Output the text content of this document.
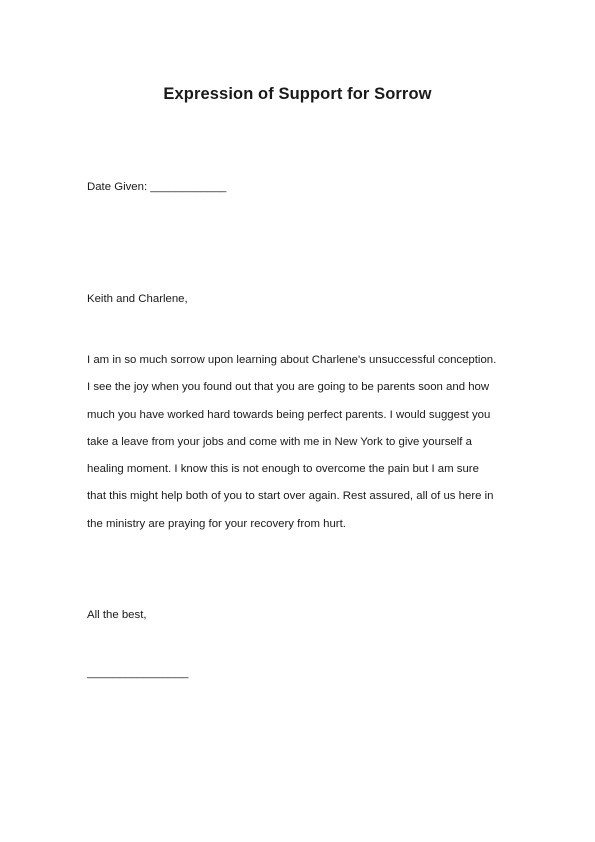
Expression of Support for Sorrow
Date Given: ____________
Keith and Charlene,
I am in so much sorrow upon learning about Charlene's unsuccessful conception.
I see the joy when you found out that you are going to be parents soon and how
much you have worked hard towards being perfect parents. I would suggest you
take a leave from your jobs and come with me in New York to give yourself a
healing moment. I know this is not enough to overcome the pain but I am sure
that this might help both of you to start over again. Rest assured, all of us here in
the ministry are praying for your recovery from hurt.
All the best,
________________
